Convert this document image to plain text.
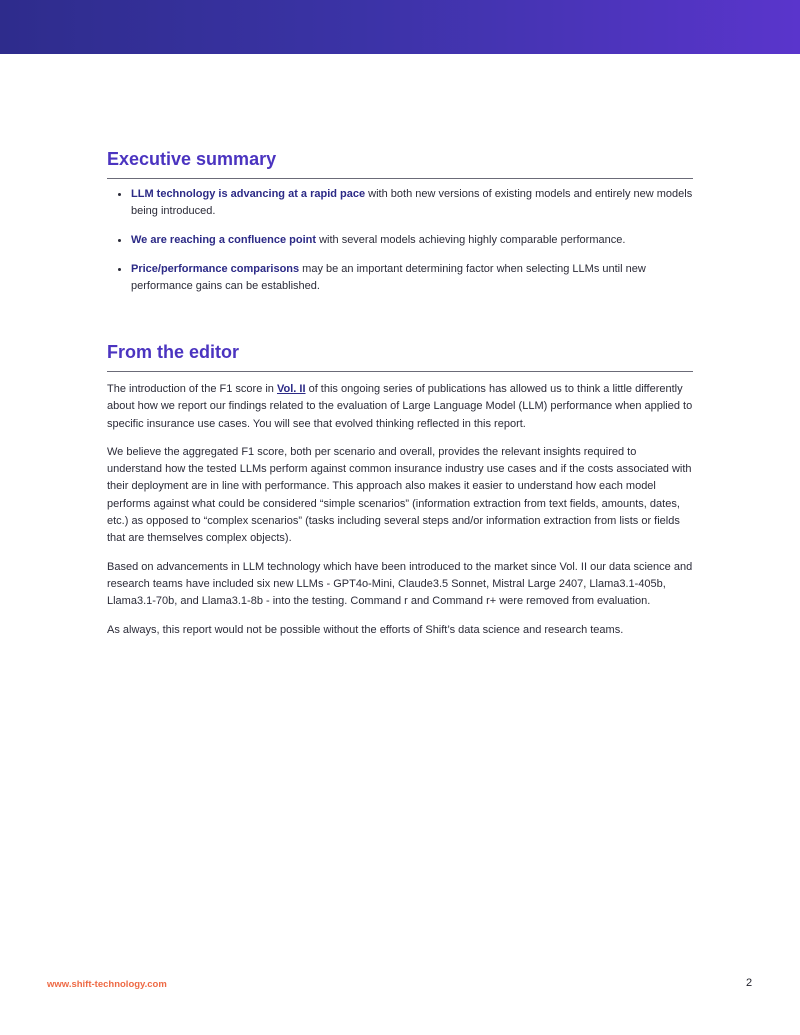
Executive summary
LLM technology is advancing at a rapid pace with both new versions of existing models and entirely new models being introduced.
We are reaching a confluence point with several models achieving highly comparable performance.
Price/performance comparisons may be an important determining factor when selecting LLMs until new performance gains can be established.
From the editor

The introduction of the F1 score in Vol. II of this ongoing series of publications has allowed us to think a little differently about how we report our findings related to the evaluation of Large Language Model (LLM) performance when applied to specific insurance use cases. You will see that evolved thinking reflected in this report.

We believe the aggregated F1 score, both per scenario and overall, provides the relevant insights required to understand how the tested LLMs perform against common insurance industry use cases and if the costs associated with their deployment are in line with performance. This approach also makes it easier to understand how each model performs against what could be considered “simple scenarios” (information extraction from text fields, amounts, dates, etc.) as opposed to “complex scenarios” (tasks including several steps and/or information extraction from lists or fields that are themselves complex objects).

Based on advancements in LLM technology which have been introduced to the market since Vol. II our data science and research teams have included six new LLMs - GPT4o-Mini, Claude3.5 Sonnet, Mistral Large 2407, Llama3.1-405b, Llama3.1-70b, and Llama3.1-8b - into the testing. Command r and Command r+ were removed from evaluation.

As always, this report would not be possible without the efforts of Shift’s data science and research teams.

www.shift-technology.com	2
